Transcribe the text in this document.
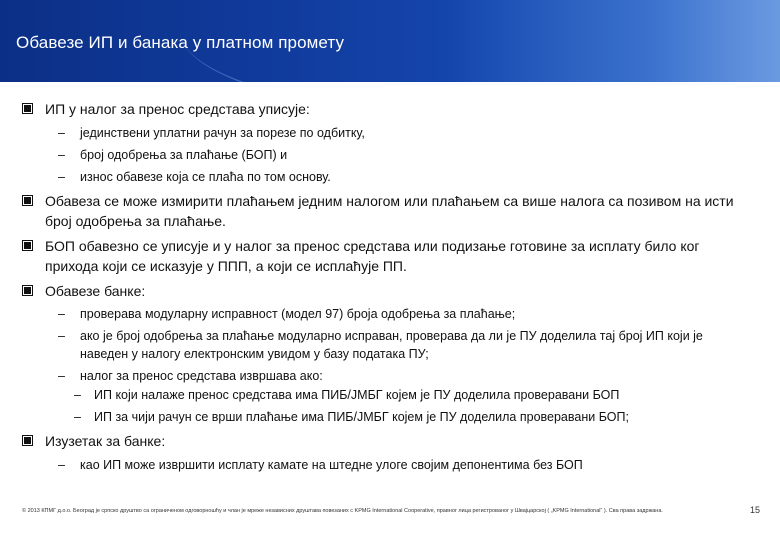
Обавезе ИП и банака у платном промету
ИП у налог за пренос средстава уписује:
–	јединствени уплатни рачун за порезе по одбитку,
–	број одобрења за плаћање (БОП) и
–	износ обавезе која се плаћа по том основу.
Обавеза се може измирити плаћањем једним налогом или плаћањем са више налога са позивом на исти број одобрења за плаћање.
БОП обавезно се уписује и у налог за пренос средстава или подизање готовине за исплату било ког прихода који се исказује у ППП, а који се исплаћује ПП.
Обавезе банке:
–	проверава модуларну исправност (модел 97) броја одобрења за плаћање;
–	ако је број одобрења за плаћање модуларно исправан, проверава да ли је ПУ доделила тај број ИП који је наведен у налогу електронским увидом у базу података ПУ;
–	налог за пренос средстава извршава ако:
–	ИП који налаже пренос средстава има ПИБ/ЈМБГ којем је ПУ доделила проверавани БОП
–	ИП за чији рачун се врши плаћање има ПИБ/ЈМБГ којем је ПУ доделила проверавани БОП;
Изузетак за банке:
–	као ИП може извршити исплату камате на штедне улоге својим депонентима без БОП
© 2013 КПМГ д.о.о. Београд је српско друштво са ограниченом одговорношћу и члан је мреже независних друштава повезаних с KPMG International Cooperative, правног лица регистрованог у Швајцарској ( „KPMG International“ ). Сва права задржана.	15
